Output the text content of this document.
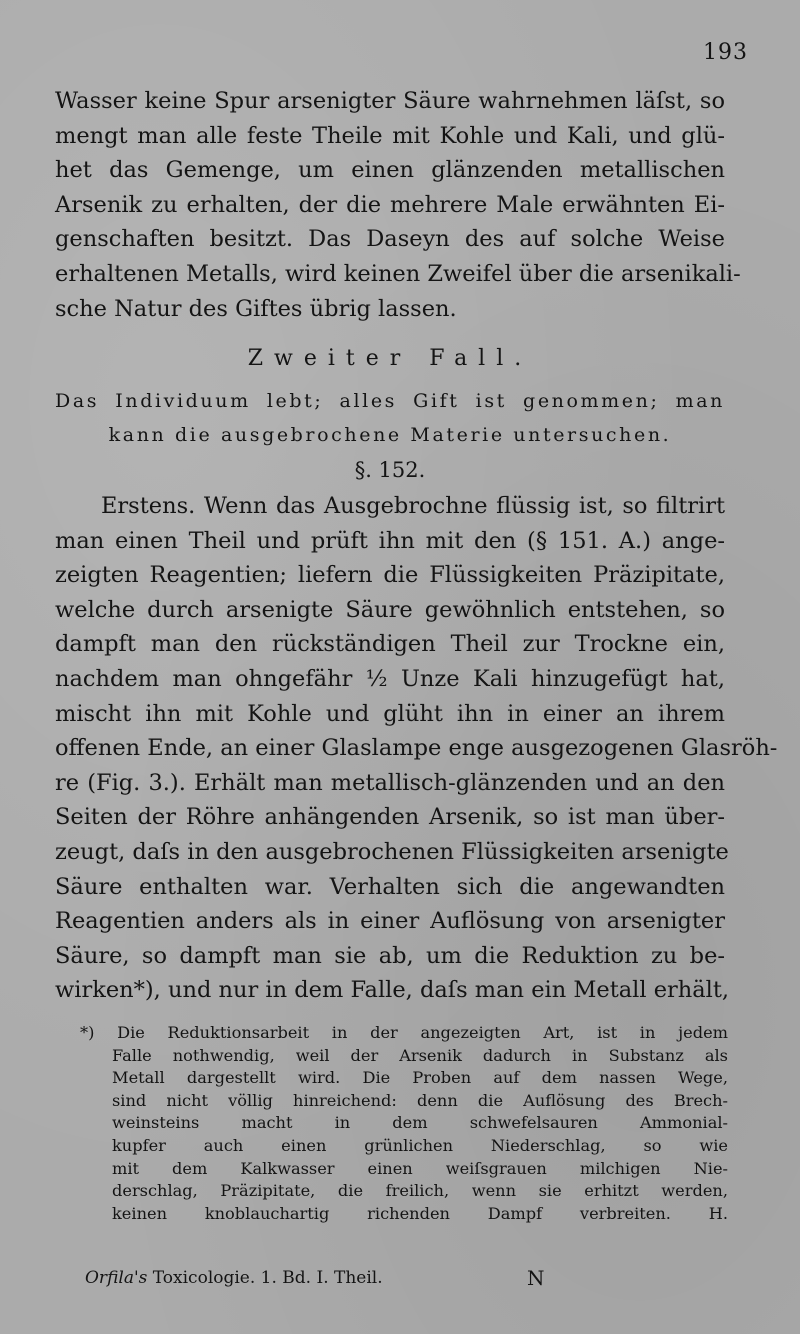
193
Wasser keine Spur arsenigter Säure wahrnehmen läſst, so
mengt man alle feste Theile mit Kohle und Kali, und glü-
het das Gemenge, um einen glänzenden metallischen
Arsenik zu erhalten, der die mehrere Male erwähnten Ei-
genschaften besitzt. Das Daseyn des auf solche Weise
erhaltenen Metalls, wird keinen Zweifel über die arsenikali-
sche Natur des Giftes übrig lassen.
Zweiter Fall.
Das Individuum lebt; alles Gift ist genommen; man
kann die ausgebrochene Materie untersuchen.
§. 152.
Erstens. Wenn das Ausgebrochne flüssig ist, so filtrirt
man einen Theil und prüft ihn mit den (§ 151. A.) ange-
zeigten Reagentien; liefern die Flüssigkeiten Präzipitate,
welche durch arsenigte Säure gewöhnlich entstehen, so
dampft man den rückständigen Theil zur Trockne ein,
nachdem man ohngefähr ½ Unze Kali hinzugefügt hat,
mischt ihn mit Kohle und glüht ihn in einer an ihrem
offenen Ende, an einer Glaslampe enge ausgezogenen Glasröh-
re (Fig. 3.). Erhält man metallisch-glänzenden und an den
Seiten der Röhre anhängenden Arsenik, so ist man über-
zeugt, daſs in den ausgebrochenen Flüssigkeiten arsenigte
Säure enthalten war. Verhalten sich die angewandten
Reagentien anders als in einer Auflösung von arsenigter
Säure, so dampft man sie ab, um die Reduktion zu be-
wirken*), und nur in dem Falle, daſs man ein Metall erhält,
*) Die Reduktionsarbeit in der angezeigten Art, ist in jedem
Falle nothwendig, weil der Arsenik dadurch in Substanz als
Metall dargestellt wird. Die Proben auf dem nassen Wege,
sind nicht völlig hinreichend: denn die Auflösung des Brech-
weinsteins macht in dem schwefelsauren Ammonial-
kupfer auch einen grünlichen Niederschlag, so wie
mit dem Kalkwasser einen weiſsgrauen milchigen Nie-
derschlag, Präzipitate, die freilich, wenn sie erhitzt werden,
keinen knoblauchartig richenden Dampf verbreiten. H.
Orfila's Toxicologie. 1. Bd. I. Theil.	N
